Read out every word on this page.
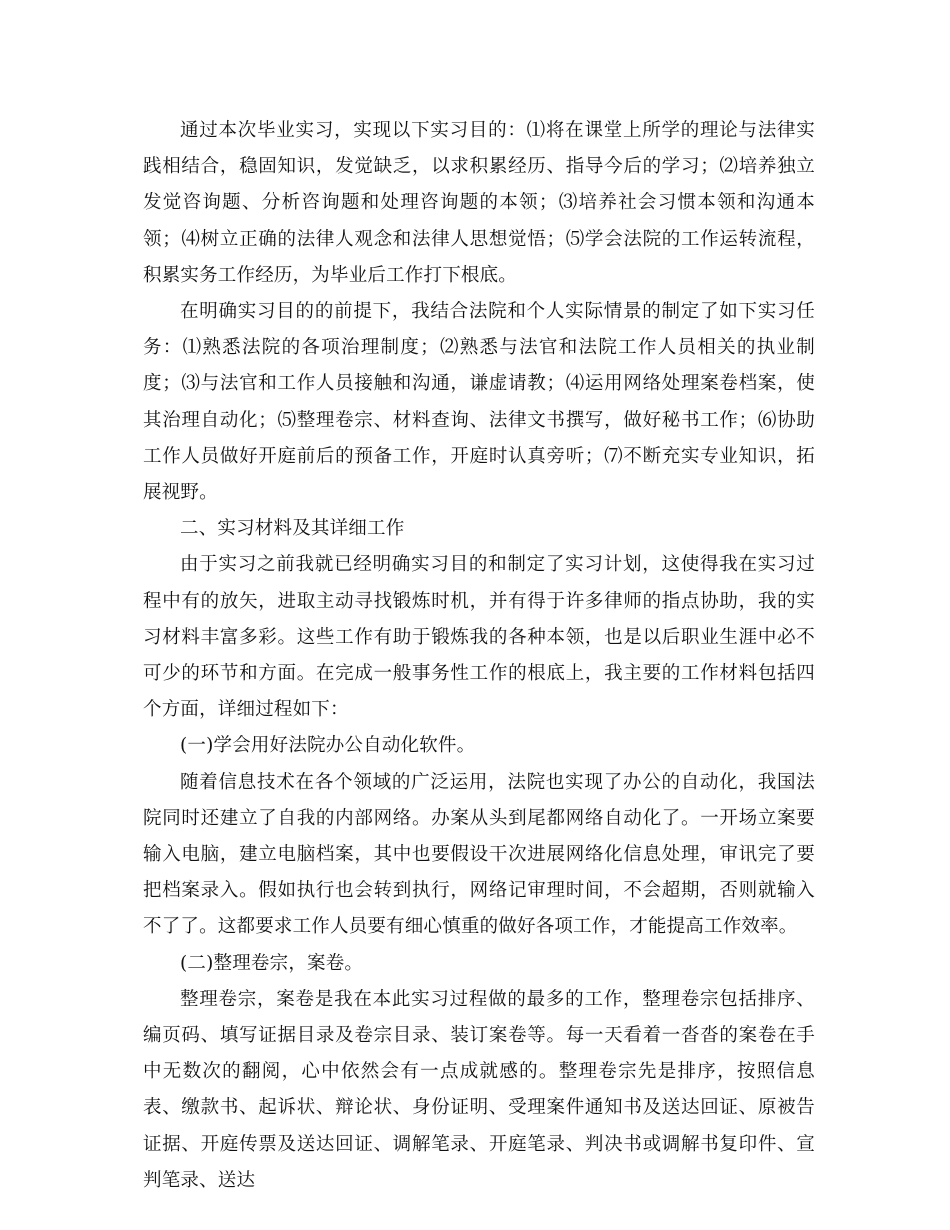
通过本次毕业实习，实现以下实习目的：⑴将在课堂上所学的理论与法律实践相结合，稳固知识，发觉缺乏，以求积累经历、指导今后的学习；⑵培养独立发觉咨询题、分析咨询题和处理咨询题的本领；⑶培养社会习惯本领和沟通本领；⑷树立正确的法律人观念和法律人思想觉悟；⑸学会法院的工作运转流程，积累实务工作经历，为毕业后工作打下根底。

在明确实习目的的前提下，我结合法院和个人实际情景的制定了如下实习任务：⑴熟悉法院的各项治理制度；⑵熟悉与法官和法院工作人员相关的执业制度；⑶与法官和工作人员接触和沟通，谦虚请教；⑷运用网络处理案卷档案，使其治理自动化；⑸整理卷宗、材料查询、法律文书撰写，做好秘书工作；⑹协助工作人员做好开庭前后的预备工作，开庭时认真旁听；⑺不断充实专业知识，拓展视野。

二、实习材料及其详细工作

由于实习之前我就已经明确实习目的和制定了实习计划，这使得我在实习过程中有的放矢，进取主动寻找锻炼时机，并有得于许多律师的指点协助，我的实习材料丰富多彩。这些工作有助于锻炼我的各种本领，也是以后职业生涯中必不可少的环节和方面。在完成一般事务性工作的根底上，我主要的工作材料包括四个方面，详细过程如下：

(一)学会用好法院办公自动化软件。

随着信息技术在各个领域的广泛运用，法院也实现了办公的自动化，我国法院同时还建立了自我的内部网络。办案从头到尾都网络自动化了。一开场立案要输入电脑，建立电脑档案，其中也要假设干次进展网络化信息处理，审讯完了要把档案录入。假如执行也会转到执行，网络记审理时间，不会超期，否则就输入不了了。这都要求工作人员要有细心慎重的做好各项工作，才能提高工作效率。

(二)整理卷宗，案卷。

整理卷宗，案卷是我在本此实习过程做的最多的工作，整理卷宗包括排序、编页码、填写证据目录及卷宗目录、装订案卷等。每一天看着一沓沓的案卷在手中无数次的翻阅，心中依然会有一点成就感的。整理卷宗先是排序，按照信息表、缴款书、起诉状、辩论状、身份证明、受理案件通知书及送达回证、原被告证据、开庭传票及送达回证、调解笔录、开庭笔录、判决书或调解书复印件、宣判笔录、送达
